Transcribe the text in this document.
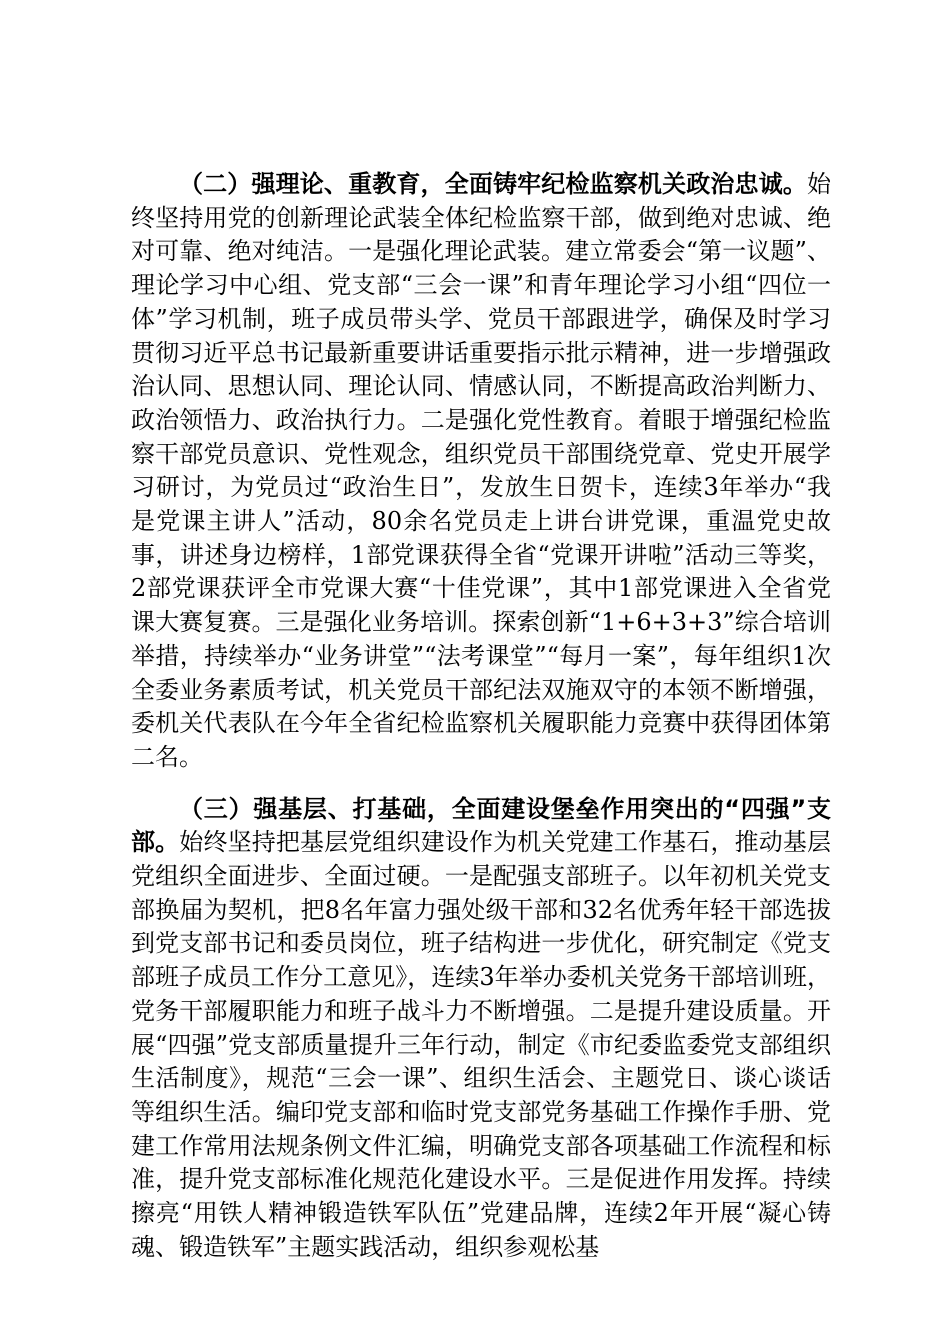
（二）强理论、重教育，全面铸牢纪检监察机关政治忠诚。始终坚持用党的创新理论武装全体纪检监察干部，做到绝对忠诚、绝对可靠、绝对纯洁。一是强化理论武装。建立常委会“第一议题”、理论学习中心组、党支部“三会一课”和青年理论学习小组“四位一体”学习机制，班子成员带头学、党员干部跟进学，确保及时学习贯彻习近平总书记最新重要讲话重要指示批示精神，进一步增强政治认同、思想认同、理论认同、情感认同，不断提高政治判断力、政治领悟力、政治执行力。二是强化党性教育。着眼于增强纪检监察干部党员意识、党性观念，组织党员干部围绕党章、党史开展学习研讨，为党员过“政治生日”，发放生日贺卡，连续3年举办“我是党课主讲人”活动，80余名党员走上讲台讲党课，重温党史故事，讲述身边榜样，1部党课获得全省“党课开讲啦”活动三等奖，2部党课获评全市党课大赛“十佳党课”，其中1部党课进入全省党课大赛复赛。三是强化业务培训。探索创新“1+6+3+3”综合培训举措，持续举办“业务讲堂”“法考课堂”“每月一案”，每年组织1次全委业务素质考试，机关党员干部纪法双施双守的本领不断增强，委机关代表队在今年全省纪检监察机关履职能力竞赛中获得团体第二名。

（三）强基层、打基础，全面建设堡垒作用突出的“四强”支部。始终坚持把基层党组织建设作为机关党建工作基石，推动基层党组织全面进步、全面过硬。一是配强支部班子。以年初机关党支部换届为契机，把8名年富力强处级干部和32名优秀年轻干部选拔到党支部书记和委员岗位，班子结构进一步优化，研究制定《党支部班子成员工作分工意见》，连续3年举办委机关党务干部培训班，党务干部履职能力和班子战斗力不断增强。二是提升建设质量。开展“四强”党支部质量提升三年行动，制定《市纪委监委党支部组织生活制度》，规范“三会一课”、组织生活会、主题党日、谈心谈话等组织生活。编印党支部和临时党支部党务基础工作操作手册、党建工作常用法规条例文件汇编，明确党支部各项基础工作流程和标准，提升党支部标准化规范化建设水平。三是促进作用发挥。持续擦亮“用铁人精神锻造铁军队伍”党建品牌，连续2年开展“凝心铸魂、锻造铁军”主题实践活动，组织参观松基
